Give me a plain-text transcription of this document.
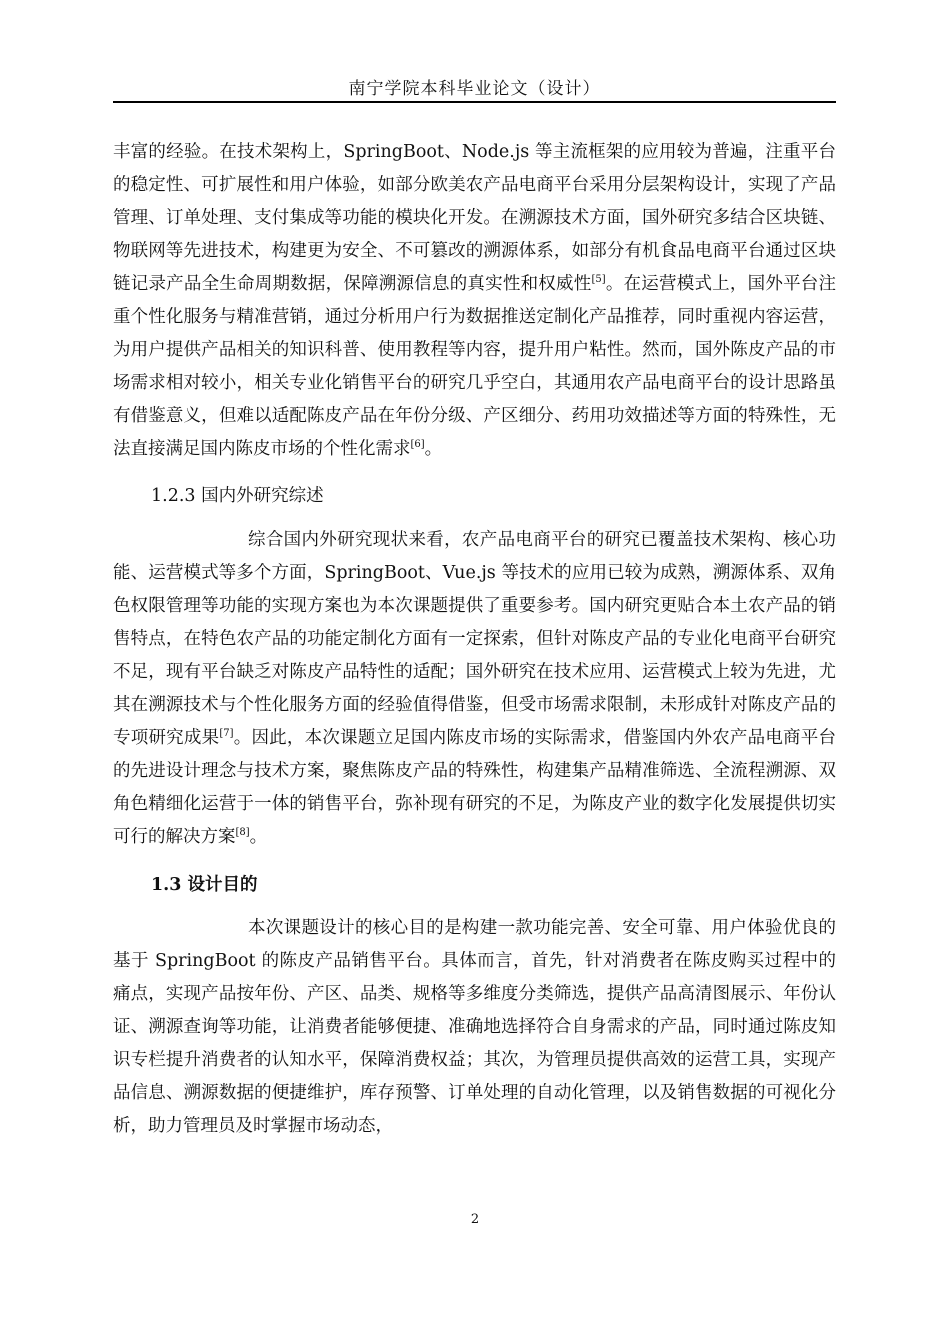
南宁学院本科毕业论文（设计）

丰富的经验。在技术架构上，SpringBoot、Node.js 等主流框架的应用较为普遍，注重平台的稳定性、可扩展性和用户体验，如部分欧美农产品电商平台采用分层架构设计，实现了产品管理、订单处理、支付集成等功能的模块化开发。在溯源技术方面，国外研究多结合区块链、物联网等先进技术，构建更为安全、不可篡改的溯源体系，如部分有机食品电商平台通过区块链记录产品全生命周期数据，保障溯源信息的真实性和权威性[5]。在运营模式上，国外平台注重个性化服务与精准营销，通过分析用户行为数据推送定制化产品推荐，同时重视内容运营，为用户提供产品相关的知识科普、使用教程等内容，提升用户粘性。然而，国外陈皮产品的市场需求相对较小，相关专业化销售平台的研究几乎空白，其通用农产品电商平台的设计思路虽有借鉴意义，但难以适配陈皮产品在年份分级、产区细分、药用功效描述等方面的特殊性，无法直接满足国内陈皮市场的个性化需求[6]。

1.2.3 国内外研究综述

综合国内外研究现状来看，农产品电商平台的研究已覆盖技术架构、核心功能、运营模式等多个方面，SpringBoot、Vue.js 等技术的应用已较为成熟，溯源体系、双角色权限管理等功能的实现方案也为本次课题提供了重要参考。国内研究更贴合本土农产品的销售特点，在特色农产品的功能定制化方面有一定探索，但针对陈皮产品的专业化电商平台研究不足，现有平台缺乏对陈皮产品特性的适配；国外研究在技术应用、运营模式上较为先进，尤其在溯源技术与个性化服务方面的经验值得借鉴，但受市场需求限制，未形成针对陈皮产品的专项研究成果[7]。因此，本次课题立足国内陈皮市场的实际需求，借鉴国内外农产品电商平台的先进设计理念与技术方案，聚焦陈皮产品的特殊性，构建集产品精准筛选、全流程溯源、双角色精细化运营于一体的销售平台，弥补现有研究的不足，为陈皮产业的数字化发展提供切实可行的解决方案[8]。

1.3 设计目的

本次课题设计的核心目的是构建一款功能完善、安全可靠、用户体验优良的基于 SpringBoot 的陈皮产品销售平台。具体而言，首先，针对消费者在陈皮购买过程中的痛点，实现产品按年份、产区、品类、规格等多维度分类筛选，提供产品高清图展示、年份认证、溯源查询等功能，让消费者能够便捷、准确地选择符合自身需求的产品，同时通过陈皮知识专栏提升消费者的认知水平，保障消费权益；其次，为管理员提供高效的运营工具，实现产品信息、溯源数据的便捷维护，库存预警、订单处理的自动化管理，以及销售数据的可视化分析，助力管理员及时掌握市场动态，

2
